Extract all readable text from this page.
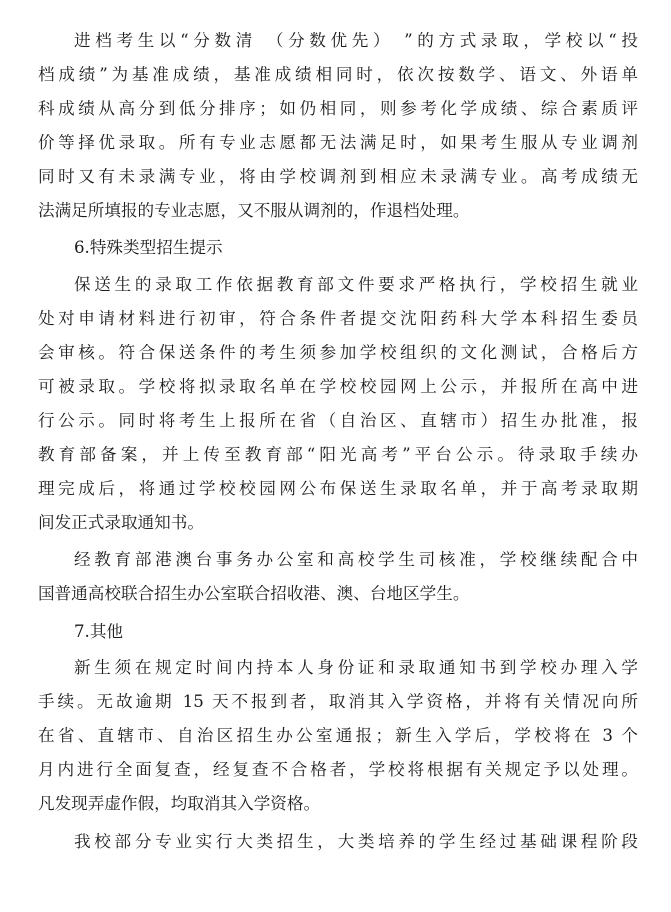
进档考生以“分数清 （分数优先） ”的方式录取，学校以“投

档成绩”为基准成绩，基准成绩相同时，依次按数学、语文、外语单

科成绩从高分到低分排序；如仍相同，则参考化学成绩、综合素质评

价等择优录取。所有专业志愿都无法满足时，如果考生服从专业调剂

同时又有未录满专业，将由学校调剂到相应未录满专业。高考成绩无

法满足所填报的专业志愿，又不服从调剂的，作退档处理。

6.特殊类型招生提示

保送生的录取工作依据教育部文件要求严格执行，学校招生就业

处对申请材料进行初审，符合条件者提交沈阳药科大学本科招生委员

会审核。符合保送条件的考生须参加学校组织的文化测试，合格后方

可被录取。学校将拟录取名单在学校校园网上公示，并报所在高中进

行公示。同时将考生上报所在省（自治区、直辖市）招生办批准，报

教育部备案，并上传至教育部“阳光高考”平台公示。待录取手续办

理完成后，将通过学校校园网公布保送生录取名单，并于高考录取期

间发正式录取通知书。

经教育部港澳台事务办公室和高校学生司核准，学校继续配合中

国普通高校联合招生办公室联合招收港、澳、台地区学生。

7.其他

新生须在规定时间内持本人身份证和录取通知书到学校办理入学

手续。无故逾期 15 天不报到者，取消其入学资格，并将有关情况向所

在省、直辖市、自治区招生办公室通报；新生入学后，学校将在 3 个

月内进行全面复查，经复查不合格者，学校将根据有关规定予以处理。

凡发现弄虚作假，均取消其入学资格。

我校部分专业实行大类招生，大类培养的学生经过基础课程阶段
